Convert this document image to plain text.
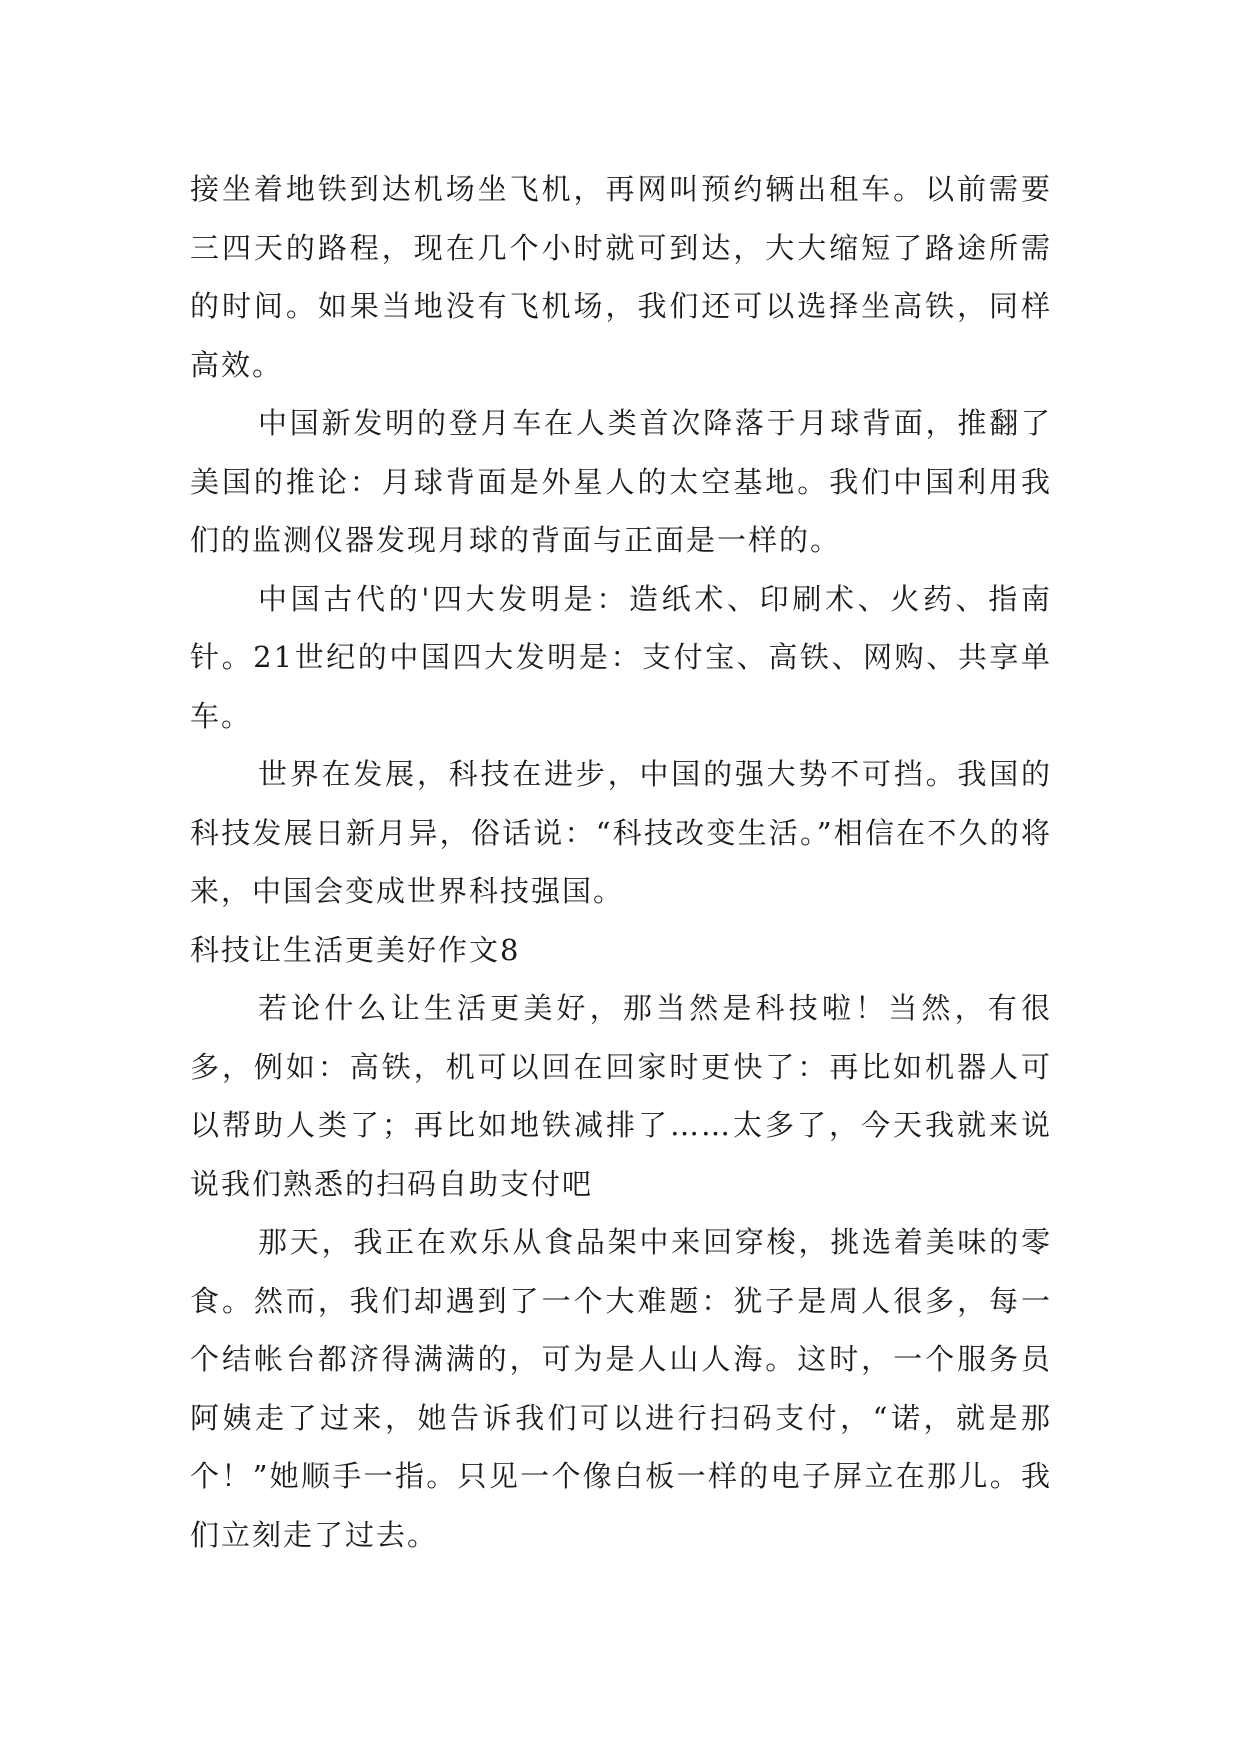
接坐着地铁到达机场坐飞机，再网叫预约辆出租车。以前需要三四天的路程，现在几个小时就可到达，大大缩短了路途所需的时间。如果当地没有飞机场，我们还可以选择坐高铁，同样高效。

中国新发明的登月车在人类首次降落于月球背面，推翻了美国的推论：月球背面是外星人的太空基地。我们中国利用我们的监测仪器发现月球的背面与正面是一样的。

中国古代的'四大发明是：造纸术、印刷术、火药、指南针。21世纪的中国四大发明是：支付宝、高铁、网购、共享单车。

世界在发展，科技在进步，中国的强大势不可挡。我国的科技发展日新月异，俗话说：“科技改变生活。”相信在不久的将来，中国会变成世界科技强国。

科技让生活更美好作文8

若论什么让生活更美好，那当然是科技啦！当然，有很多，例如：高铁，机可以回在回家时更快了：再比如机器人可以帮助人类了；再比如地铁减排了……太多了，今天我就来说说我们熟悉的扫码自助支付吧

那天，我正在欢乐从食品架中来回穿梭，挑选着美味的零食。然而，我们却遇到了一个大难题：犹子是周人很多，每一个结帐台都济得满满的，可为是人山人海。这时，一个服务员阿姨走了过来，她告诉我们可以进行扫码支付，“诺，就是那个！”她顺手一指。只见一个像白板一样的电子屏立在那儿。我们立刻走了过去。
